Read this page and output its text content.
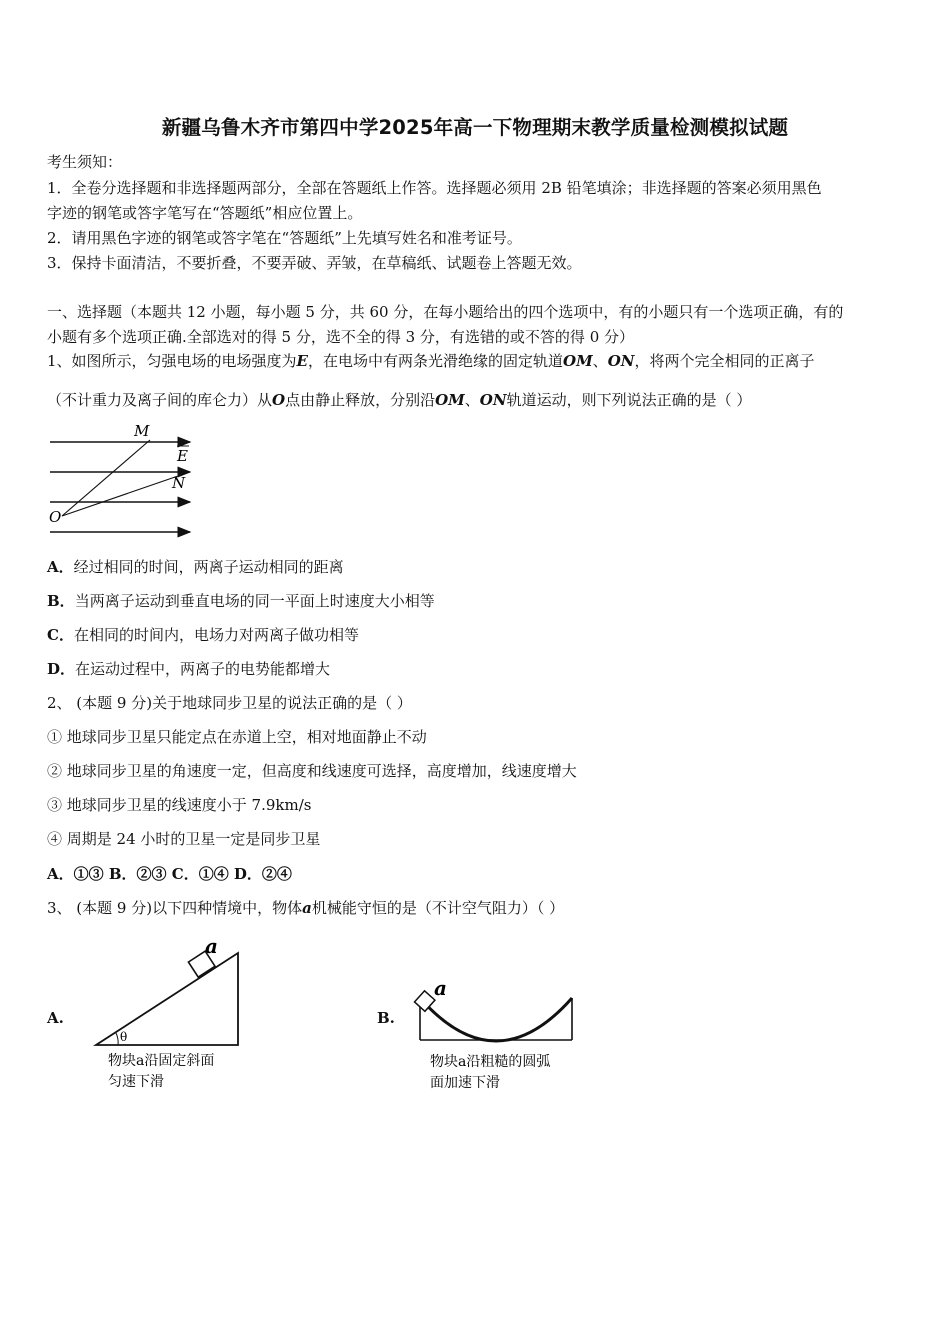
新疆乌鲁木齐市第四中学2025年高一下物理期末教学质量检测模拟试题
考生须知：
1．全卷分选择题和非选择题两部分，全部在答题纸上作答。选择题必须用 2B 铅笔填涂；非选择题的答案必须用黑色
字迹的钢笔或答字笔写在“答题纸”相应位置上。
2．请用黑色字迹的钢笔或答字笔在“答题纸”上先填写姓名和准考证号。
3．保持卡面清洁，不要折叠，不要弄破、弄皱，在草稿纸、试题卷上答题无效。
一、选择题（本题共 12 小题，每小题 5 分，共 60 分，在每小题给出的四个选项中，有的小题只有一个选项正确，有的
小题有多个选项正确.全部选对的得 5 分，选不全的得 3 分，有选错的或不答的得 0 分）
1、如图所示，匀强电场的电场强度为E，在电场中有两条光滑绝缘的固定轨道OM、ON，将两个完全相同的正离子
（不计重力及离子间的库仑力）从O点由静止释放，分别沿OM、ON轨道运动，则下列说法正确的是（ ）
M
N
O
E
A．经过相同的时间，两离子运动相同的距离
B．当两离子运动到垂直电场的同一平面上时速度大小相等
C．在相同的时间内，电场力对两离子做功相等
D．在运动过程中，两离子的电势能都增大
2、 (本题 9 分)关于地球同步卫星的说法正确的是（ ）
① 地球同步卫星只能定点在赤道上空，相对地面静止不动
② 地球同步卫星的角速度一定，但高度和线速度可选择，高度增加，线速度增大
③ 地球同步卫星的线速度小于 7.9km/s
④ 周期是 24 小时的卫星一定是同步卫星
A．①③ B．②③ C．①④ D．②④
3、 (本题 9 分)以下四种情境中，物体a机械能守恒的是（不计空气阻力）（ ）
A.
a
θ
物块a沿固定斜面
匀速下滑
B.
a
物块a沿粗糙的圆弧
面加速下滑
